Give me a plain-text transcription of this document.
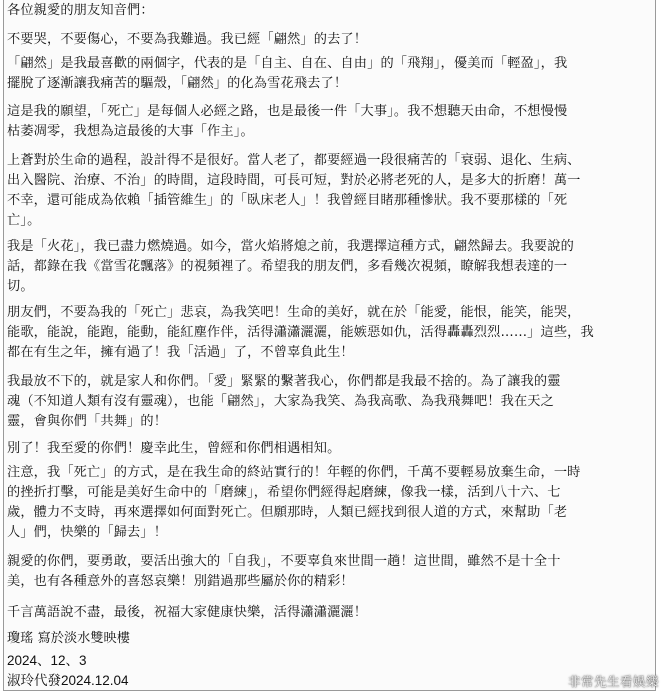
各位親愛的朋友知音們：

不要哭，不要傷心，不要為我難過。我已經「翩然」的去了！

「翩然」是我最喜歡的兩個字，代表的是「自主、自在、自由」的「飛翔」，優美而「輕盈」，我
擺脫了逐漸讓我痛苦的驅殼，「翩然」的化為雪花飛去了！

這是我的願望，「死亡」是每個人必經之路，也是最後一件「大事」。我不想聽天由命，不想慢慢
枯萎凋零，我想為這最後的大事「作主」。

上蒼對於生命的過程，設計得不是很好。當人老了，都要經過一段很痛苦的「衰弱、退化、生病、
出入醫院、治療、不治」的時間，這段時間，可長可短，對於必將老死的人，是多大的折磨！萬一
不幸，還可能成為依賴「插管維生」的「臥床老人」！我曾經目睹那種慘狀。我不要那樣的「死
亡」。

我是「火花」，我已盡力燃燒過。如今，當火焰將熄之前，我選擇這種方式，翩然歸去。我要說的
話，都錄在我《當雪花飄落》的視頻裡了。希望我的朋友們，多看幾次視頻，瞭解我想表達的一
切。

朋友們，不要為我的「死亡」悲哀，為我笑吧！生命的美好，就在於「能愛，能恨，能笑，能哭，
能歌，能說，能跑，能動，能紅塵作伴，活得瀟瀟灑灑，能嫉惡如仇，活得轟轟烈烈……」這些，我
都在有生之年，擁有過了！我「活過」了，不曾辜負此生！

我最放不下的，就是家人和你們。「愛」緊緊的繫著我心，你們都是我最不捨的。為了讓我的靈
魂（不知道人類有沒有靈魂），也能「翩然」，大家為我笑、為我高歌、為我飛舞吧！我在天之
靈，會與你們「共舞」的！

別了！我至愛的你們！慶幸此生，曾經和你們相遇相知。

注意，我「死亡」的方式，是在我生命的終站實行的！年輕的你們，千萬不要輕易放棄生命，一時
的挫折打擊，可能是美好生命中的「磨練」，希望你們經得起磨練，像我一樣，活到八十六、七
歲，體力不支時，再來選擇如何面對死亡。但願那時，人類已經找到很人道的方式，來幫助「老
人」們，快樂的「歸去」！

親愛的你們，要勇敢，要活出強大的「自我」，不要辜負來世間一趟！這世間，雖然不是十全十
美，也有各種意外的喜怒哀樂！別錯過那些屬於你的精彩！

千言萬語說不盡，最後，祝福大家健康快樂，活得瀟瀟灑灑！

瓊瑤 寫於淡水雙映樓
2024、12、3
淑玲代發2024.12.04	非常先生看娛樂
